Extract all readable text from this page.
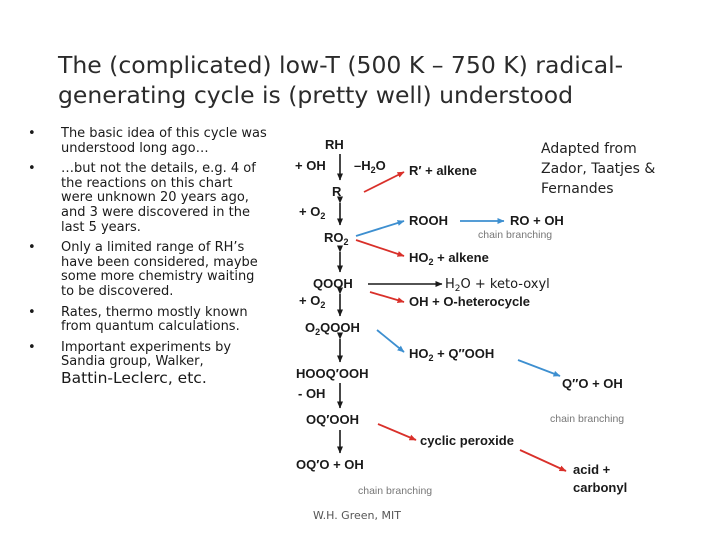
The (complicated) low-T (500 K – 750 K) radical-
generating cycle is (pretty well) understood
• The basic idea of this cycle was understood long ago…
• …but not the details, e.g. 4 of the reactions on this chart were unknown 20 years ago, and 3 were discovered in the last 5 years.
• Only a limited range of RH’s have been considered, maybe some more chemistry waiting to be discovered.
• Rates, thermo mostly known from quantum calculations.
• Important experiments by Sandia group, Walker,
Battin-Leclerc, etc.
Adapted from
Zador, Taatjes &
Fernandes
RH
+ OH $-H_2O$
R
+ $O_2$
$RO_2$
QOOH
+ $O_2$
$O_2QOOH$
HOOQ′OOH
- OH
OQ′OOH
OQ′O + OH
R′ + alkene
ROOH	RO + OH
chain branching
$HO_2$ + alkene
$H_2O$ + keto-oxyl
OH + O-heterocycle
$HO_2 + Q''OOH$
Q″O + OH
chain branching
cyclic peroxide
acid +
carbonyl
chain branching
W.H. Green, MIT
